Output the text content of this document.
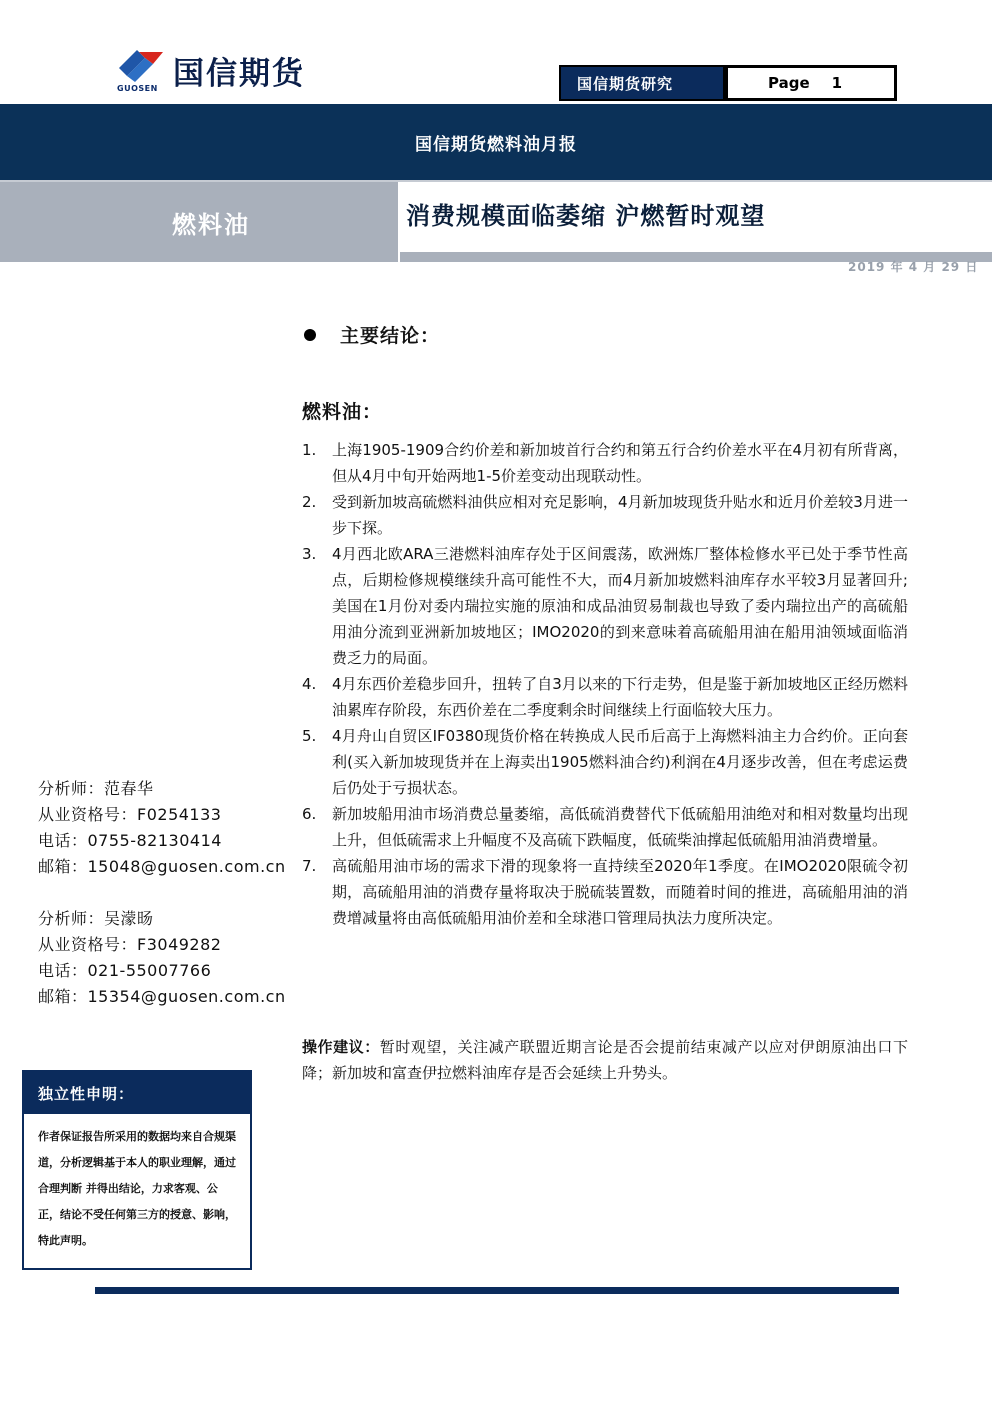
国信期货
GUOSEN	国信期货研究	Page 1
国信期货燃料油月报
燃料油	消费规模面临萎缩 沪燃暂时观望
2019 年 4 月 29 日
主要结论：
燃料油：
1.	上海1905-1909合约价差和新加坡首行合约和第五行合约价差水平在4月初有所背离，但从4月中旬开始两地1-5价差变动出现联动性。
2.	受到新加坡高硫燃料油供应相对充足影响，4月新加坡现货升贴水和近月价差较3月进一步下探。
3.	4月西北欧ARA三港燃料油库存处于区间震荡，欧洲炼厂整体检修水平已处于季节性高点，后期检修规模继续升高可能性不大，而4月新加坡燃料油库存水平较3月显著回升;美国在1月份对委内瑞拉实施的原油和成品油贸易制裁也导致了委内瑞拉出产的高硫船用油分流到亚洲新加坡地区；IMO2020的到来意味着高硫船用油在船用油领域面临消费乏力的局面。
4.	4月东西价差稳步回升，扭转了自3月以来的下行走势，但是鉴于新加坡地区正经历燃料油累库存阶段，东西价差在二季度剩余时间继续上行面临较大压力。
5.	4月舟山自贸区IF0380现货价格在转换成人民币后高于上海燃料油主力合约价。正向套利(买入新加坡现货并在上海卖出1905燃料油合约)利润在4月逐步改善，但在考虑运费后仍处于亏损状态。
6.	新加坡船用油市场消费总量萎缩，高低硫消费替代下低硫船用油绝对和相对数量均出现上升，但低硫需求上升幅度不及高硫下跌幅度，低硫柴油撑起低硫船用油消费增量。
7.	高硫船用油市场的需求下滑的现象将一直持续至2020年1季度。在IMO2020限硫令初期，高硫船用油的消费存量将取决于脱硫装置数，而随着时间的推进，高硫船用油的消费增减量将由高低硫船用油价差和全球港口管理局执法力度所决定。
操作建议：暂时观望，关注减产联盟近期言论是否会提前结束减产以应对伊朗原油出口下降；新加坡和富查伊拉燃料油库存是否会延续上升势头。
分析师：范春华
从业资格号：F0254133
电话：0755-82130414
邮箱：15048@guosen.com.cn
分析师：吴濛旸
从业资格号：F3049282
电话：021-55007766
邮箱：15354@guosen.com.cn
独立性申明：
作者保证报告所采用的数据均来自合规渠道，分析逻辑基于本人的职业理解，通过合理判断 并得出结论，力求客观、公正，结论不受任何第三方的授意、影响，特此声明。
